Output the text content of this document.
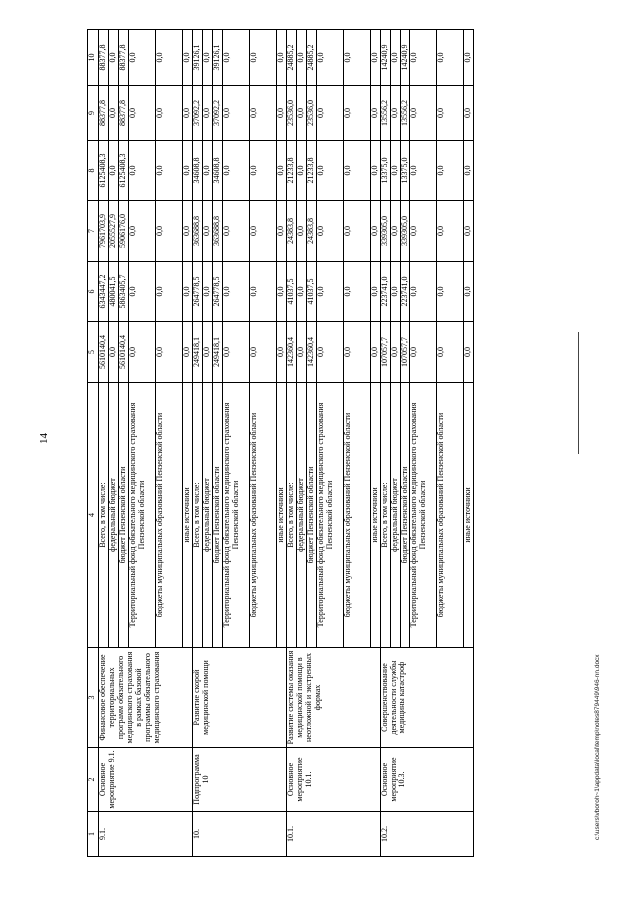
14
c:\users\vboroh~1\appdata\local\temp\notes879449\946-nn.docx
1	2	3	4	5	6	7	8	9	10
9.1.	Основное мероприятие 9.1.	Финансовое обеспечение территориальных программ обязательного медицинского страхования в рамках базовой программы обязательного медицинского страхования	Всего, в том числе:	5610140,4	6343447,2	7961703,9	6125408,3	88377,8	88377,8
			федеральный бюджет	0,0	480041,5	2055527,9	0,0	0,0	0,0
			бюджет Пензенской области	5610140,4	5863405,7	5906176,0	6125408,3	88377,8	88377,8
			Территориальный фонд обязательного медицинского страхования Пензенской области	0,0	0,0	0,0	0,0	0,0	0,0
			бюджеты муниципальных образований Пензенской области	0,0	0,0	0,0	0,0	0,0	0,0
			иные источники	0,0	0,0	0,0	0,0	0,0	0,0
10.	Подпрограмма 10	Развитие скорой медицинской помощи	Всего, в том числе:	249418,1	264778,5	363688,8	34608,8	37092,2	39126,1
			федеральный бюджет	0,0	0,0	0,0	0,0	0,0	0,0
			бюджет Пензенской области	249418,1	264778,5	363688,8	34608,8	37092,2	39126,1
			Территориальный фонд обязательного медицинского страхования Пензенской области	0,0	0,0	0,0	0,0	0,0	0,0
			бюджеты муниципальных образований Пензенской области	0,0	0,0	0,0	0,0	0,0	0,0
			иные источники	0,0	0,0	0,0	0,0	0,0	0,0
10.1.	Основное мероприятие 10.1.	Развитие системы оказания медицинской помощи в неотложной и экстренных формах	Всего, в том числе:	142360,4	41037,5	24383,8	21233,8	23536,0	24885,2
			федеральный бюджет	0,0	0,0	0,0	0,0	0,0	0,0
			бюджет Пензенской области	142360,4	41037,5	24383,8	21233,8	23536,0	24885,2
			Территориальный фонд обязательного медицинского страхования Пензенской области	0,0	0,0	0,0	0,0	0,0	0,0
			бюджеты муниципальных образований Пензенской области	0,0	0,0	0,0	0,0	0,0	0,0
			иные источники	0,0	0,0	0,0	0,0	0,0	0,0
10.2.	Основное мероприятие 10.3.	Совершенствование деятельности службы медицины катастроф	Всего, в том числе:	107057,7	223741,0	339305,0	13375,0	13556,2	14240,9
			федеральный бюджет	0,0	0,0	0,0	0,0	0,0	0,0
			бюджет Пензенской области	107057,7	223741,0	339305,0	13375,0	13556,2	14240,9
			Территориальный фонд обязательного медицинского страхования Пензенской области	0,0	0,0	0,0	0,0	0,0	0,0
			бюджеты муниципальных образований Пензенской области	0,0	0,0	0,0	0,0	0,0	0,0
			иные источники	0,0	0,0	0,0	0,0	0,0	0,0
